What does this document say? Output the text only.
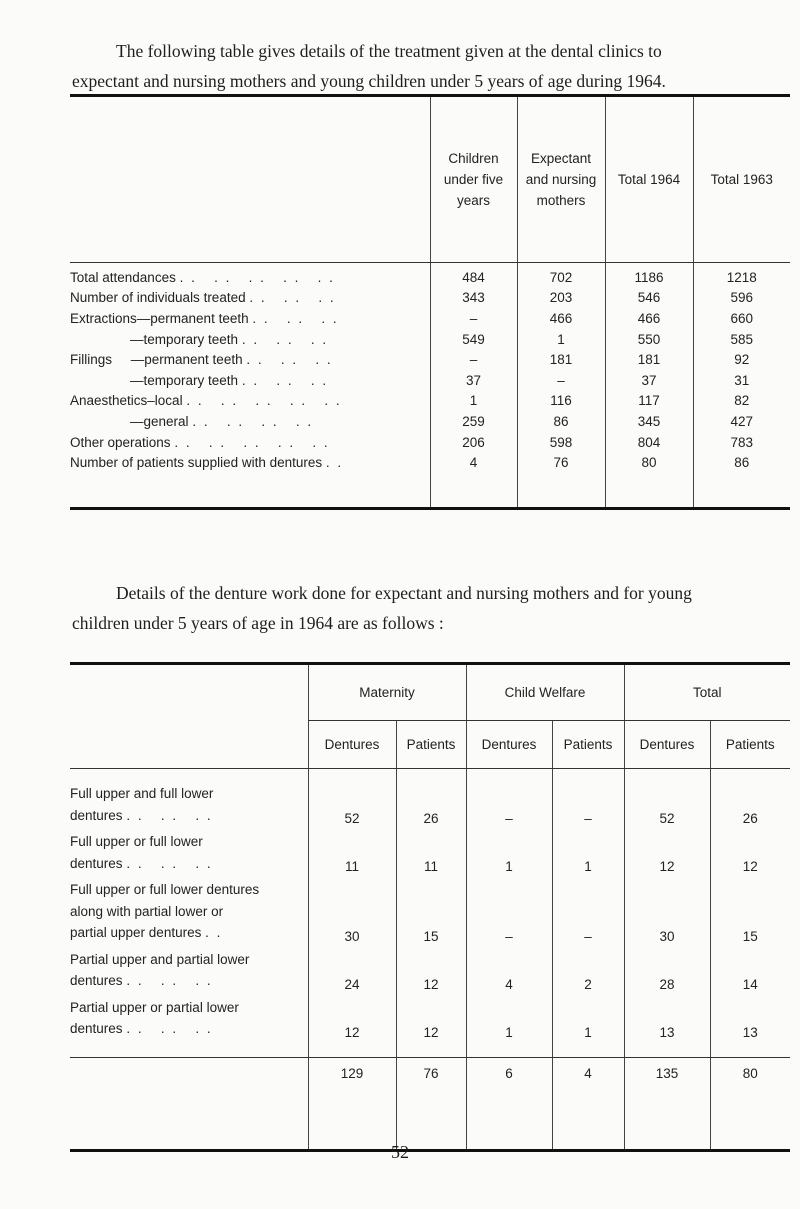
The following table gives details of the treatment given at the dental clinics to
expectant and nursing mothers and young children under 5 years of age during 1964.

	Children
under five
years	Expectant
and nursing
mothers	Total 1964	Total 1963
Total attendances . .   . .   . .   . .   . .	484	702	1186	1218
Number of individuals treated . .   . .   . .	343	203	546	596
Extractions—permanent teeth . .   . .   . .	–	466	466	660
—temporary teeth . .   . .   . .	549	1	550	585
Fillings     —permanent teeth . .   . .   . .	–	181	181	92
—temporary teeth . .   . .   . .	37	–	37	31
Anaesthetics–local . .   . .   . .   . .   . .	1	116	117	82
—general . .   . .   . .   . .	259	86	345	427
Other operations . .   . .   . .   . .   . .	206	598	804	783
Number of patients supplied with dentures . .	4	76	80	86

Details of the denture work done for expectant and nursing mothers and for young
children under 5 years of age in 1964 are as follows :

	Maternity		Child Welfare		Total	
	Dentures	Patients	Dentures	Patients	Dentures	Patients
Full upper and full lower
dentures . .   . .   . .	52	26	–	–	52	26
Full upper or full lower
dentures . .   . .   . .	11	11	1	1	12	12
Full upper or full lower dentures
along with partial lower or
partial upper dentures . .	30	15	–	–	30	15
Partial upper and partial lower
dentures . .   . .   . .	24	12	4	2	28	14
Partial upper or partial lower
dentures . .   . .   . .	12	12	1	1	13	13
	129	76	6	4	135	80
52
